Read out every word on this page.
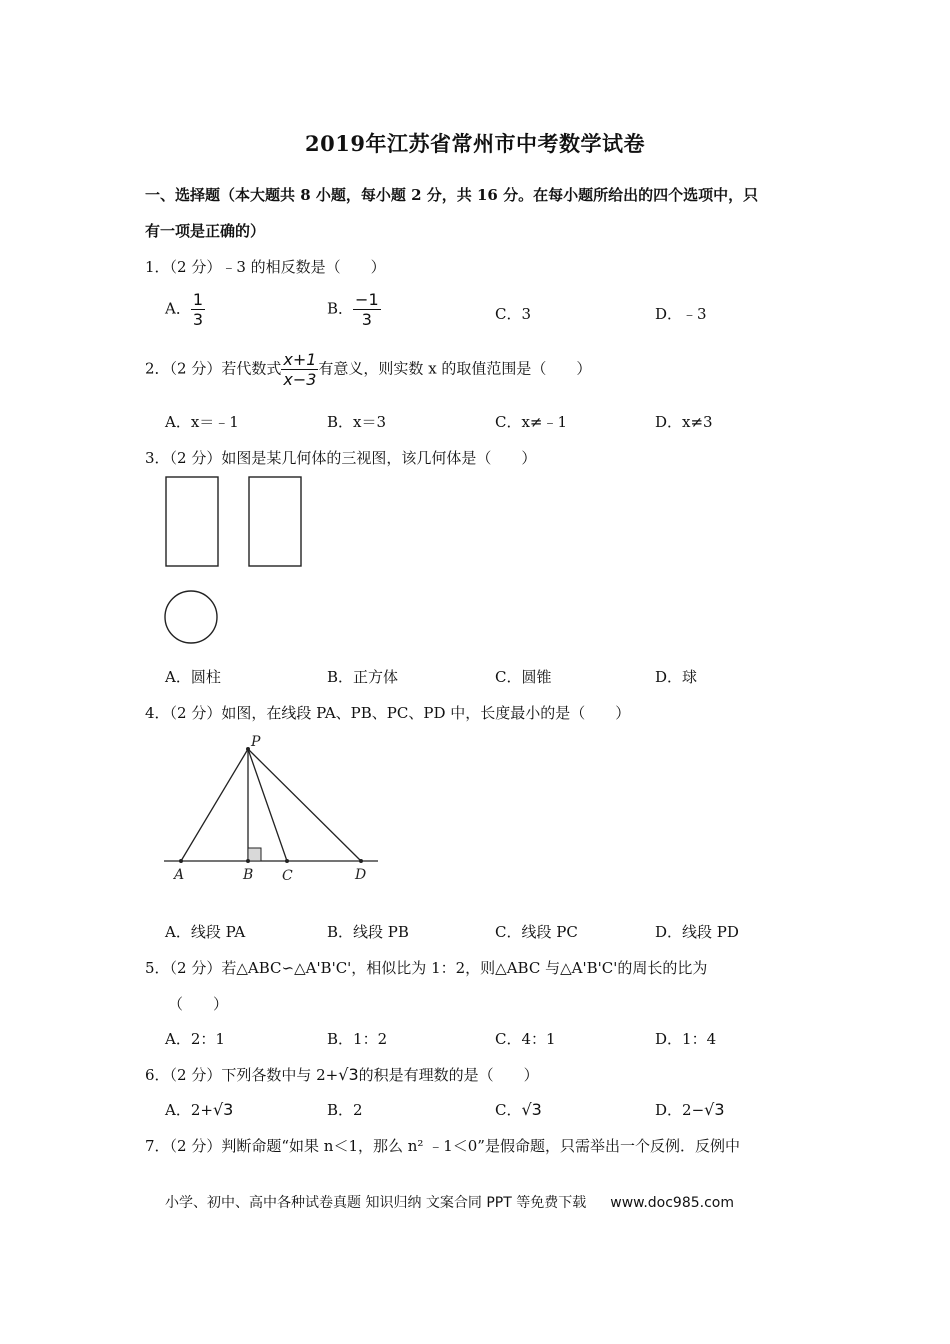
2019年江苏省常州市中考数学试卷
一、选择题（本大题共 8 小题，每小题 2 分，共 16 分。在每小题所给出的四个选项中，只
有一项是正确的）
1．（2 分）﹣3 的相反数是（　　）
A． $\frac{1}{3}$	B． $\frac{-1}{3}$	C．3	D．﹣3
2．（2 分）若代数式 $\frac{x+1}{x-3}$ 有意义，则实数 x 的取值范围是（　　）
A．x＝﹣1	B．x＝3	C．x≠﹣1	D．x≠3
3．（2 分）如图是某几何体的三视图，该几何体是（　　）
A．圆柱	B．正方体	C．圆锥	D．球
4．（2 分）如图，在线段 PA、PB、PC、PD 中，长度最小的是（　　）
P
A	B C	D
A．线段 PA	B．线段 PB	C．线段 PC	D．线段 PD
5．（2 分）若△ABC∽△A'B'C'，相似比为 1：2，则△ABC 与△A'B'C'的周长的比为
（　　）
A．2：1	B．1：2	C．4：1	D．1：4
6．（2 分）下列各数中与 2+√3的积是有理数的是（　　）
A．2+√3	B．2	C．√3	D．2−√3
7．（2 分）判断命题“如果 n＜1，那么 n² ﹣1＜0”是假命题，只需举出一个反例．反例中
小学、初中、高中各种试卷真题 知识归纳 文案合同 PPT 等免费下载 www.doc985.com
